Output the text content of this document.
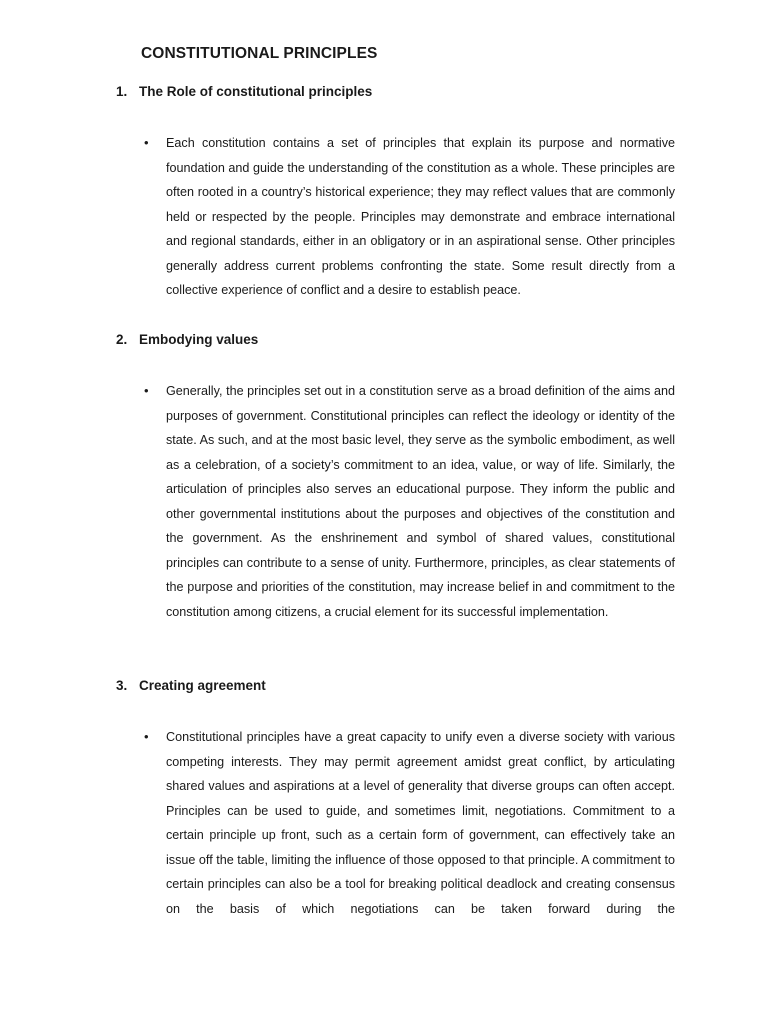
CONSTITUTIONAL PRINCIPLES
1. The Role of constitutional principles
• Each constitution contains a set of principles that explain its purpose and normative foundation and guide the understanding of the constitution as a whole. These principles are often rooted in a country’s historical experience; they may reflect values that are commonly held or respected by the people. Principles may demonstrate and embrace international and regional standards, either in an obligatory or in an aspirational sense. Other principles generally address current problems confronting the state. Some result directly from a collective experience of conflict and a desire to establish peace.

2. Embodying values
• Generally, the principles set out in a constitution serve as a broad definition of the aims and purposes of government. Constitutional principles can reflect the ideology or identity of the state. As such, and at the most basic level, they serve as the symbolic embodiment, as well as a celebration, of a society’s commitment to an idea, value, or way of life. Similarly, the articulation of principles also serves an educational purpose. They inform the public and other governmental institutions about the purposes and objectives of the constitution and the government. As the enshrinement and symbol of shared values, constitutional principles can contribute to a sense of unity. Furthermore, principles, as clear statements of the purpose and priorities of the constitution, may increase belief in and commitment to the constitution among citizens, a crucial element for its successful implementation.

3. Creating agreement
• Constitutional principles have a great capacity to unify even a diverse society with various competing interests. They may permit agreement amidst great conflict, by articulating shared values and aspirations at a level of generality that diverse groups can often accept. Principles can be used to guide, and sometimes limit, negotiations. Commitment to a certain principle up front, such as a certain form of government, can effectively take an issue off the table, limiting the influence of those opposed to that principle. A commitment to certain principles can also be a tool for breaking political deadlock and creating consensus on the basis of which negotiations can be taken forward during the
